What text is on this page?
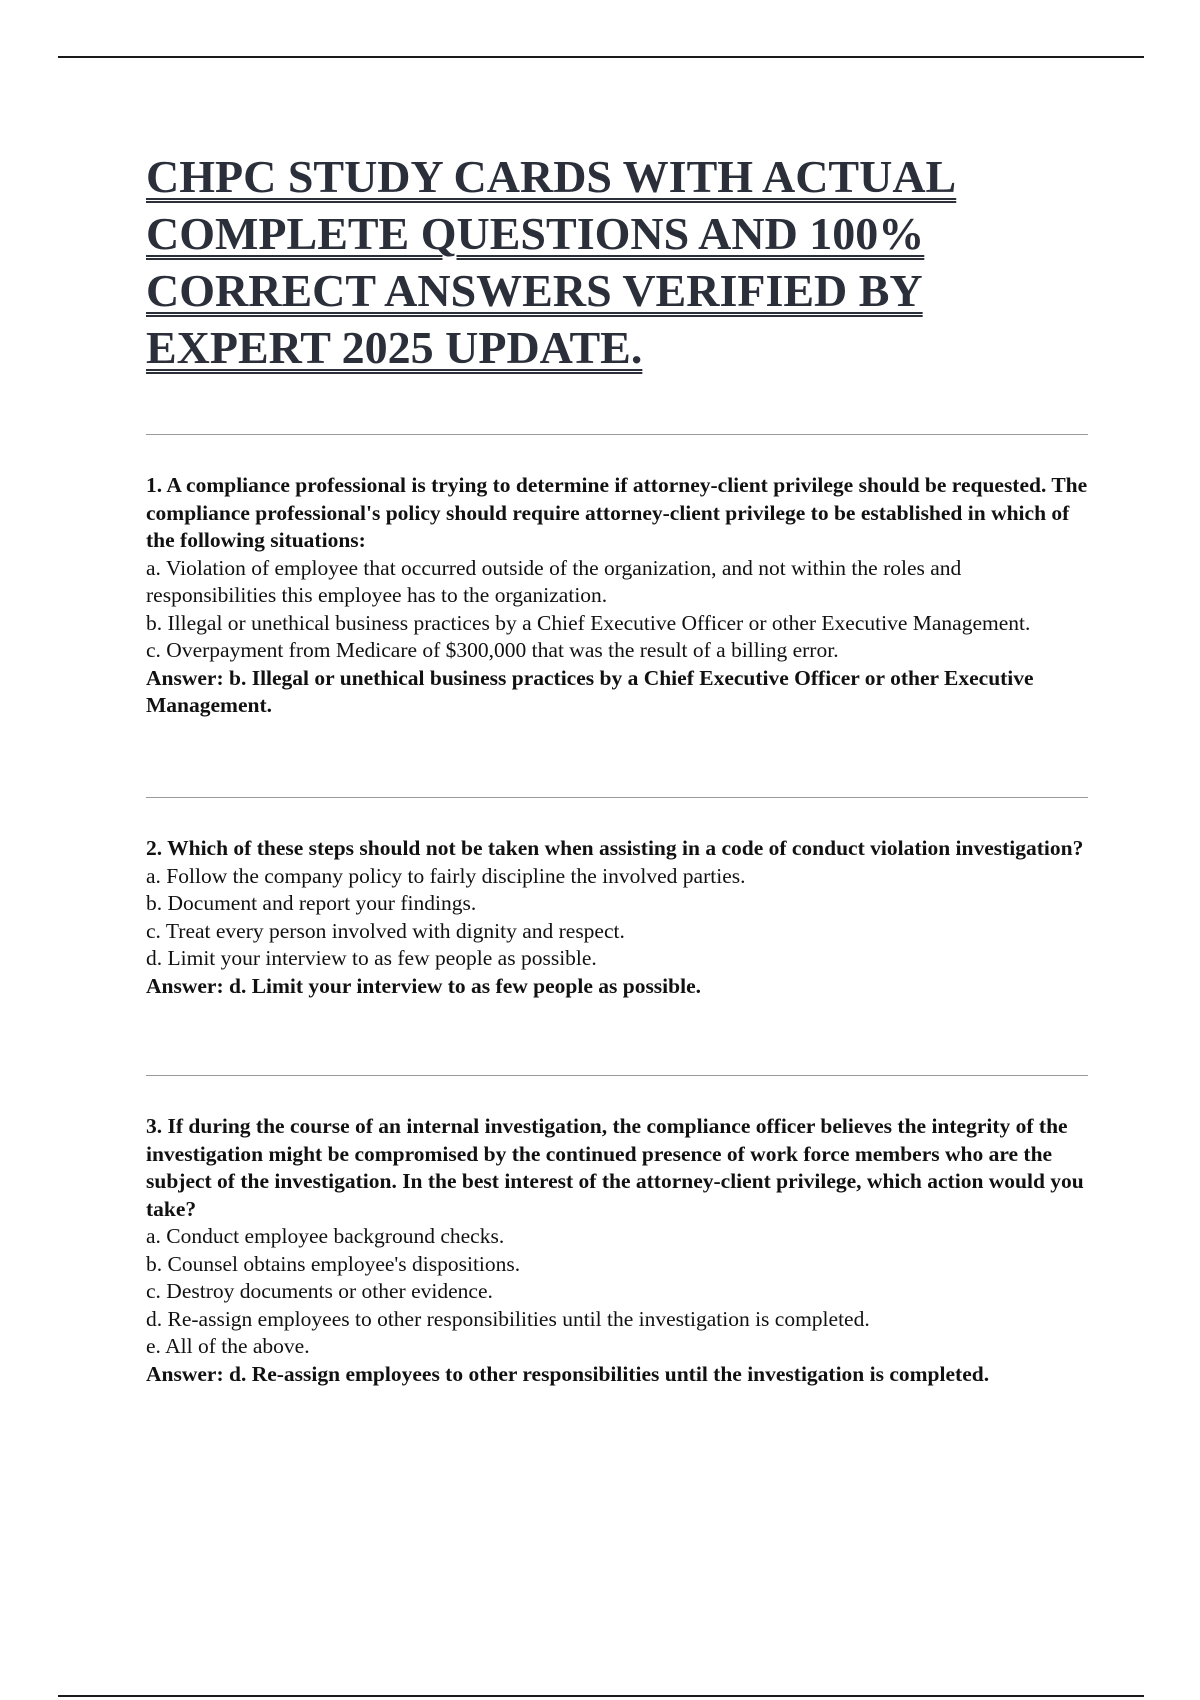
CHPC STUDY CARDS WITH ACTUAL COMPLETE QUESTIONS AND 100% CORRECT ANSWERS VERIFIED BY EXPERT 2025 UPDATE.

1. A compliance professional is trying to determine if attorney-client privilege should be requested. The compliance professional's policy should require attorney-client privilege to be established in which of the following situations:

a. Violation of employee that occurred outside of the organization, and not within the roles and responsibilities this employee has to the organization.

b. Illegal or unethical business practices by a Chief Executive Officer or other Executive Management.

c. Overpayment from Medicare of $300,000 that was the result of a billing error.

Answer: b. Illegal or unethical business practices by a Chief Executive Officer or other Executive Management.

2. Which of these steps should not be taken when assisting in a code of conduct violation investigation?

a. Follow the company policy to fairly discipline the involved parties.

b. Document and report your findings.

c. Treat every person involved with dignity and respect.

d. Limit your interview to as few people as possible.

Answer: d. Limit your interview to as few people as possible.

3. If during the course of an internal investigation, the compliance officer believes the integrity of the investigation might be compromised by the continued presence of work force members who are the subject of the investigation. In the best interest of the attorney-client privilege, which action would you take?

a. Conduct employee background checks.

b. Counsel obtains employee's dispositions.

c. Destroy documents or other evidence.

d. Re-assign employees to other responsibilities until the investigation is completed.

e. All of the above.

Answer: d. Re-assign employees to other responsibilities until the investigation is completed.
